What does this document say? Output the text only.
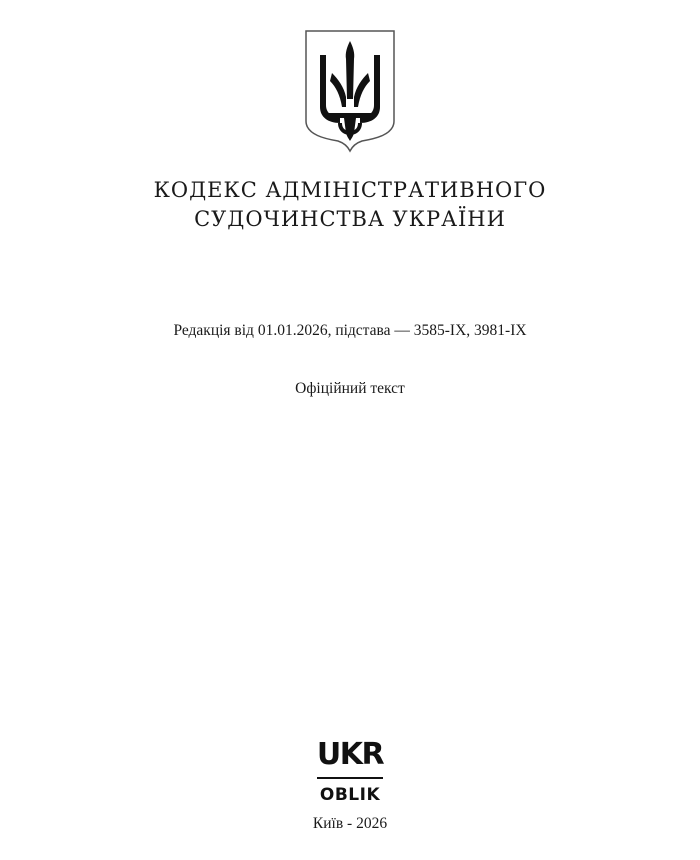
КОДЕКС АДМІНІСТРАТИВНОГО
СУДОЧИНСТВА УКРАЇНИ
Редакція від 01.01.2026, підстава — 3585-IX, 3981-IX
Офіційний текст
UKR
OBLIK
Київ - 2026
